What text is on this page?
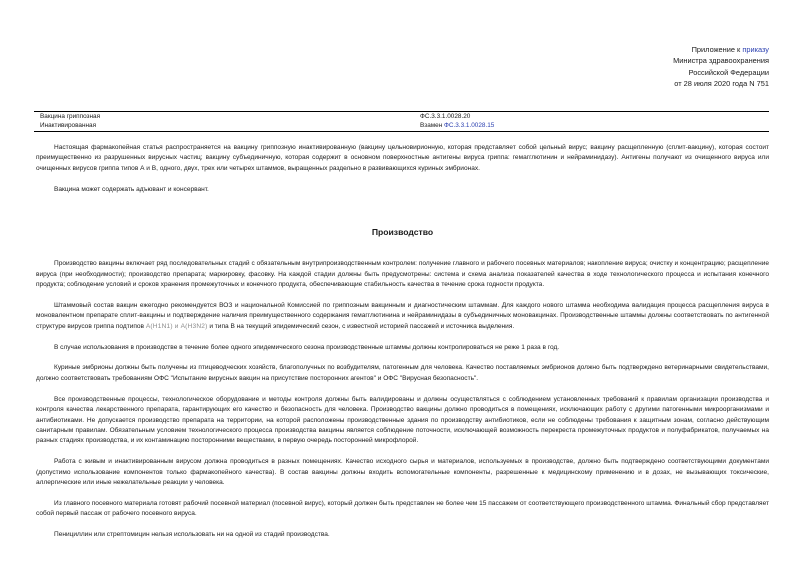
Приложение к приказу
Министра здравоохранения
Российской Федерации
от 28 июля 2020 года N 751
Вакцина гриппозная	ФС.3.3.1.0028.20
Инактивированная	Взамен ФС.3.3.1.0028.15

Настоящая фармакопейная статья распространяется на вакцину гриппозную инактивированную (вакцину цельновирионную, которая представляет собой цельный вирус; вакцину расщепленную (сплит-вакцину), которая состоит преимущественно из разрушенных вирусных частиц; вакцину субъединичную, которая содержит в основном поверхностные антигены вируса гриппа: гемагглютинин и нейраминидазу). Антигены получают из очищенного вируса или очищенных вирусов гриппа типов А и В, одного, двух, трех или четырех штаммов, выращенных раздельно в развивающихся куриных эмбрионах.

Вакцина может содержать адъювант и консервант.

Производство

Производство вакцины включает ряд последовательных стадий с обязательным внутрипроизводственным контролем: получение главного и рабочего посевных материалов; накопление вируса; очистку и концентрацию; расщепление вируса (при необходимости); производство препарата; маркировку, фасовку. На каждой стадии должны быть предусмотрены: система и схема анализа показателей качества в ходе технологического процесса и испытания конечного продукта; соблюдение условий и сроков хранения промежуточных и конечного продукта, обеспечивающие стабильность качества в течение срока годности продукта.

Штаммовый состав вакцин ежегодно рекомендуется ВОЗ и национальной Комиссией по гриппозным вакцинным и диагностическим штаммам. Для каждого нового штамма необходима валидация процесса расщепления вируса в моновалентном препарате сплит-вакцины и подтверждение наличия преимущественного содержания гемагглютинина и нейраминидазы в субъединичных моновакцинах. Производственные штаммы должны соответствовать по антигенной структуре вирусов гриппа подтипов A(H1N1) и A(H3N2) и типа В на текущий эпидемический сезон, с известной историей пассажей и источника выделения.

В случае использования в производстве в течение более одного эпидемического сезона производственные штаммы должны контролироваться не реже 1 раза в год.

Куриные эмбрионы должны быть получены из птицеводческих хозяйств, благополучных по возбудителям, патогенным для человека. Качество поставляемых эмбрионов должно быть подтверждено ветеринарными свидетельствами, должно соответствовать требованиям ОФС "Испытание вирусных вакцин на присутствие посторонних агентов" и ОФС "Вирусная безопасность".

Все производственные процессы, технологическое оборудование и методы контроля должны быть валидированы и должны осуществляться с соблюдением установленных требований к правилам организации производства и контроля качества лекарственного препарата, гарантирующих его качество и безопасность для человека. Производство вакцины должно проводиться в помещениях, исключающих работу с другими патогенными микроорганизмами и антибиотиками. Не допускается производство препарата на территории, на которой расположены производственные здания по производству антибиотиков, если не соблюдены требования к защитным зонам, согласно действующим санитарным правилам. Обязательным условием технологического процесса производства вакцины является соблюдение поточности, исключающей возможность перекреста промежуточных продуктов и полуфабрикатов, получаемых на разных стадиях производства, и их контаминацию посторонними веществами, в первую очередь посторонней микрофлорой.

Работа с живым и инактивированным вирусом должна проводиться в разных помещениях. Качество исходного сырья и материалов, используемых в производстве, должно быть подтверждено соответствующими документами (допустимо использование компонентов только фармакопейного качества). В состав вакцины должны входить вспомогательные компоненты, разрешенные к медицинскому применению и в дозах, не вызывающих токсические, аллергические или иные нежелательные реакции у человека.

Из главного посевного материала готовят рабочий посевной материал (посевной вирус), который должен быть представлен не более чем 15 пассажем от соответствующего производственного штамма. Финальный сбор представляет собой первый пассаж от рабочего посевного вируса.

Пенициллин или стрептомицин нельзя использовать ни на одной из стадий производства.
